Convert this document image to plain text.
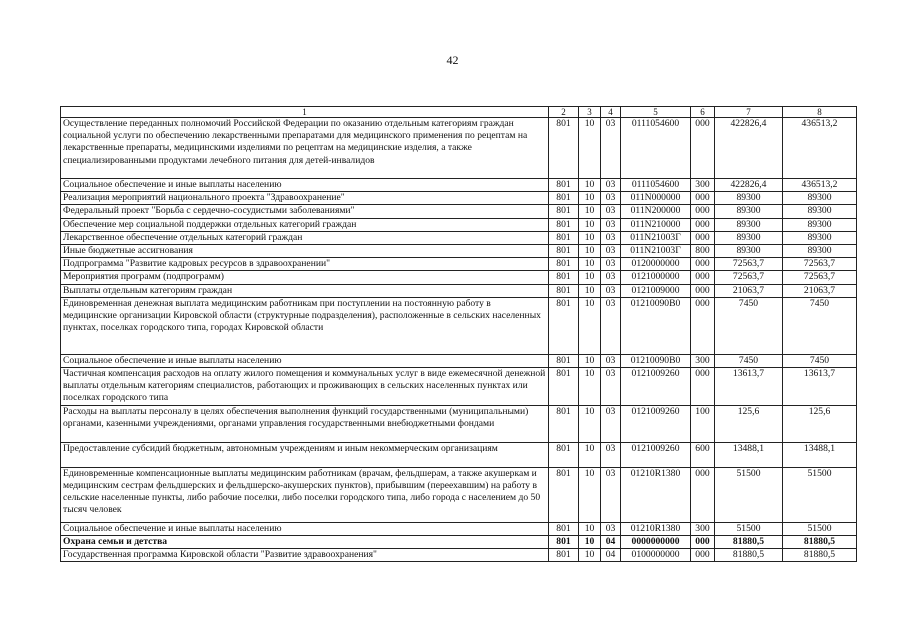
42
1	2	3	4	5	6	7	8
Осуществление переданных полномочий Российской Федерации по оказанию отдельным категориям граждан социальной услуги по обеспечению лекарственными препаратами для медицинского применения по рецептам на лекарственные препараты, медицинскими изделиями по рецептам на медицинские изделия, а также специализированными продуктами лечебного питания для детей-инвалидов	801	10	03	0111054600	000	422826,4	436513,2
Социальное обеспечение и иные выплаты населению	801	10	03	0111054600	300	422826,4	436513,2
Реализация мероприятий национального проекта "Здравоохранение"	801	10	03	011N000000	000	89300	89300
Федеральный проект "Борьба с сердечно-сосудистыми заболеваниями"	801	10	03	011N200000	000	89300	89300
Обеспечение мер социальной поддержки отдельных категорий граждан	801	10	03	011N210000	000	89300	89300
Лекарственное обеспечение отдельных категорий граждан	801	10	03	011N21003Г	000	89300	89300
Иные бюджетные ассигнования	801	10	03	011N21003Г	800	89300	89300
Подпрограмма "Развитие кадровых ресурсов в здравоохранении"	801	10	03	0120000000	000	72563,7	72563,7
Мероприятия программ (подпрограмм)	801	10	03	0121000000	000	72563,7	72563,7
Выплаты отдельным категориям граждан	801	10	03	0121009000	000	21063,7	21063,7
Единовременная денежная выплата медицинским работникам при поступлении на постоянную работу в медицинские организации Кировской области (структурные подразделения), расположенные в сельских населенных пунктах, поселках городского типа, городах Кировской области	801	10	03	01210090В0	000	7450	7450
Социальное обеспечение и иные выплаты населению	801	10	03	01210090В0	300	7450	7450
Частичная компенсация расходов на оплату жилого помещения и коммунальных услуг в виде ежемесячной денежной выплаты отдельным категориям специалистов, работающих и проживающих в сельских населенных пунктах или поселках городского типа	801	10	03	0121009260	000	13613,7	13613,7
Расходы на выплаты персоналу в целях обеспечения выполнения функций государственными (муниципальными) органами, казенными учреждениями, органами управления государственными внебюджетными фондами	801	10	03	0121009260	100	125,6	125,6
Предоставление субсидий бюджетным, автономным учреждениям и иным некоммерческим организациям	801	10	03	0121009260	600	13488,1	13488,1
Единовременные компенсационные выплаты медицинским работникам (врачам, фельдшерам, а также акушеркам и медицинским сестрам фельдшерских и фельдшерско-акушерских пунктов), прибывшим (переехавшим) на работу в сельские населенные пункты, либо рабочие поселки, либо поселки городского типа, либо города с населением до 50 тысяч человек	801	10	03	01210R1380	000	51500	51500
Социальное обеспечение и иные выплаты населению	801	10	03	01210R1380	300	51500	51500
Охрана семьи и детства	801	10	04	0000000000	000	81880,5	81880,5
Государственная программа Кировской области "Развитие здравоохранения"	801	10	04	0100000000	000	81880,5	81880,5
